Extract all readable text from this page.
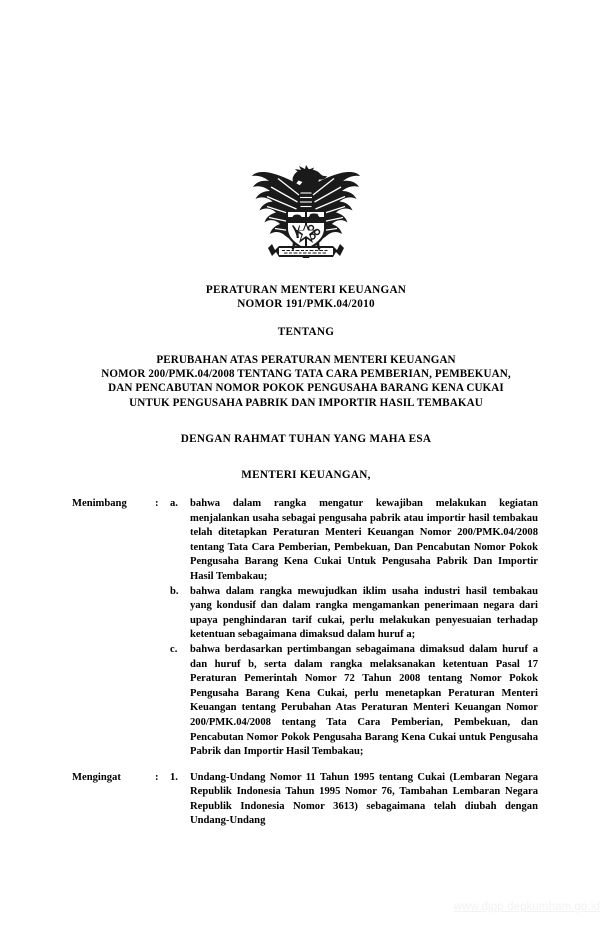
PERATURAN MENTERI KEUANGAN
NOMOR 191/PMK.04/2010
TENTANG
PERUBAHAN ATAS PERATURAN MENTERI KEUANGAN
NOMOR 200/PMK.04/2008 TENTANG TATA CARA PEMBERIAN, PEMBEKUAN,
DAN PENCABUTAN NOMOR POKOK PENGUSAHA BARANG KENA CUKAI
UNTUK PENGUSAHA PABRIK DAN IMPORTIR HASIL TEMBAKAU
DENGAN RAHMAT TUHAN YANG MAHA ESA
MENTERI KEUANGAN,
Menimbang	:	a.	bahwa dalam rangka mengatur kewajiban melakukan kegiatan menjalankan usaha sebagai pengusaha pabrik atau importir hasil tembakau telah ditetapkan Peraturan Menteri Keuangan Nomor 200/PMK.04/2008 tentang Tata Cara Pemberian, Pembekuan, Dan Pencabutan Nomor Pokok Pengusaha Barang Kena Cukai Untuk Pengusaha Pabrik Dan Importir Hasil Tembakau;
b.	bahwa dalam rangka mewujudkan iklim usaha industri hasil tembakau yang kondusif dan dalam rangka mengamankan penerimaan negara dari upaya penghindaran tarif cukai, perlu melakukan penyesuaian terhadap ketentuan sebagaimana dimaksud dalam huruf a;
c.	bahwa berdasarkan pertimbangan sebagaimana dimaksud dalam huruf a dan huruf b, serta dalam rangka melaksanakan ketentuan Pasal 17 Peraturan Pemerintah Nomor 72 Tahun 2008 tentang Nomor Pokok Pengusaha Barang Kena Cukai, perlu menetapkan Peraturan Menteri Keuangan tentang Perubahan Atas Peraturan Menteri Keuangan Nomor 200/PMK.04/2008 tentang Tata Cara Pemberian, Pembekuan, dan Pencabutan Nomor Pokok Pengusaha Barang Kena Cukai untuk Pengusaha Pabrik dan Importir Hasil Tembakau;
Mengingat	:	1.	Undang-Undang Nomor 11 Tahun 1995 tentang Cukai (Lembaran Negara Republik Indonesia Tahun 1995 Nomor 76, Tambahan Lembaran Negara Republik Indonesia Nomor 3613) sebagaimana telah diubah dengan Undang-Undang
www.djpp.depkumham.go.id
